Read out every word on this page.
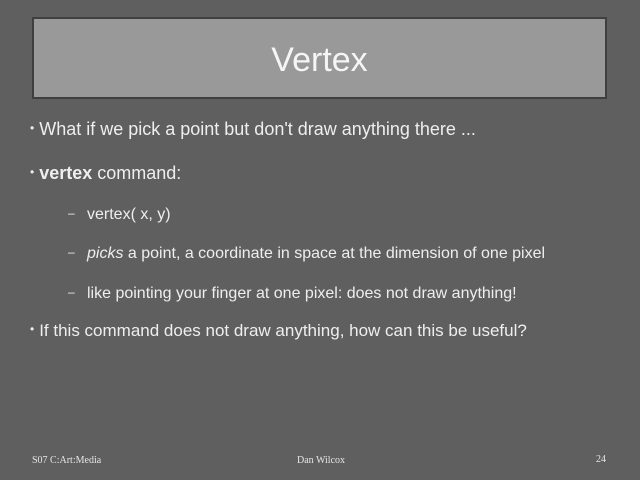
Vertex
• What if we pick a point but don't draw anything there ...
• vertex command:
– vertex( x, y)
– picks a point, a coordinate in space at the dimension of one pixel
– like pointing your finger at one pixel: does not draw anything!
• If this command does not draw anything, how can this be useful?
S07 C:Art:Media	Dan Wilcox	24
